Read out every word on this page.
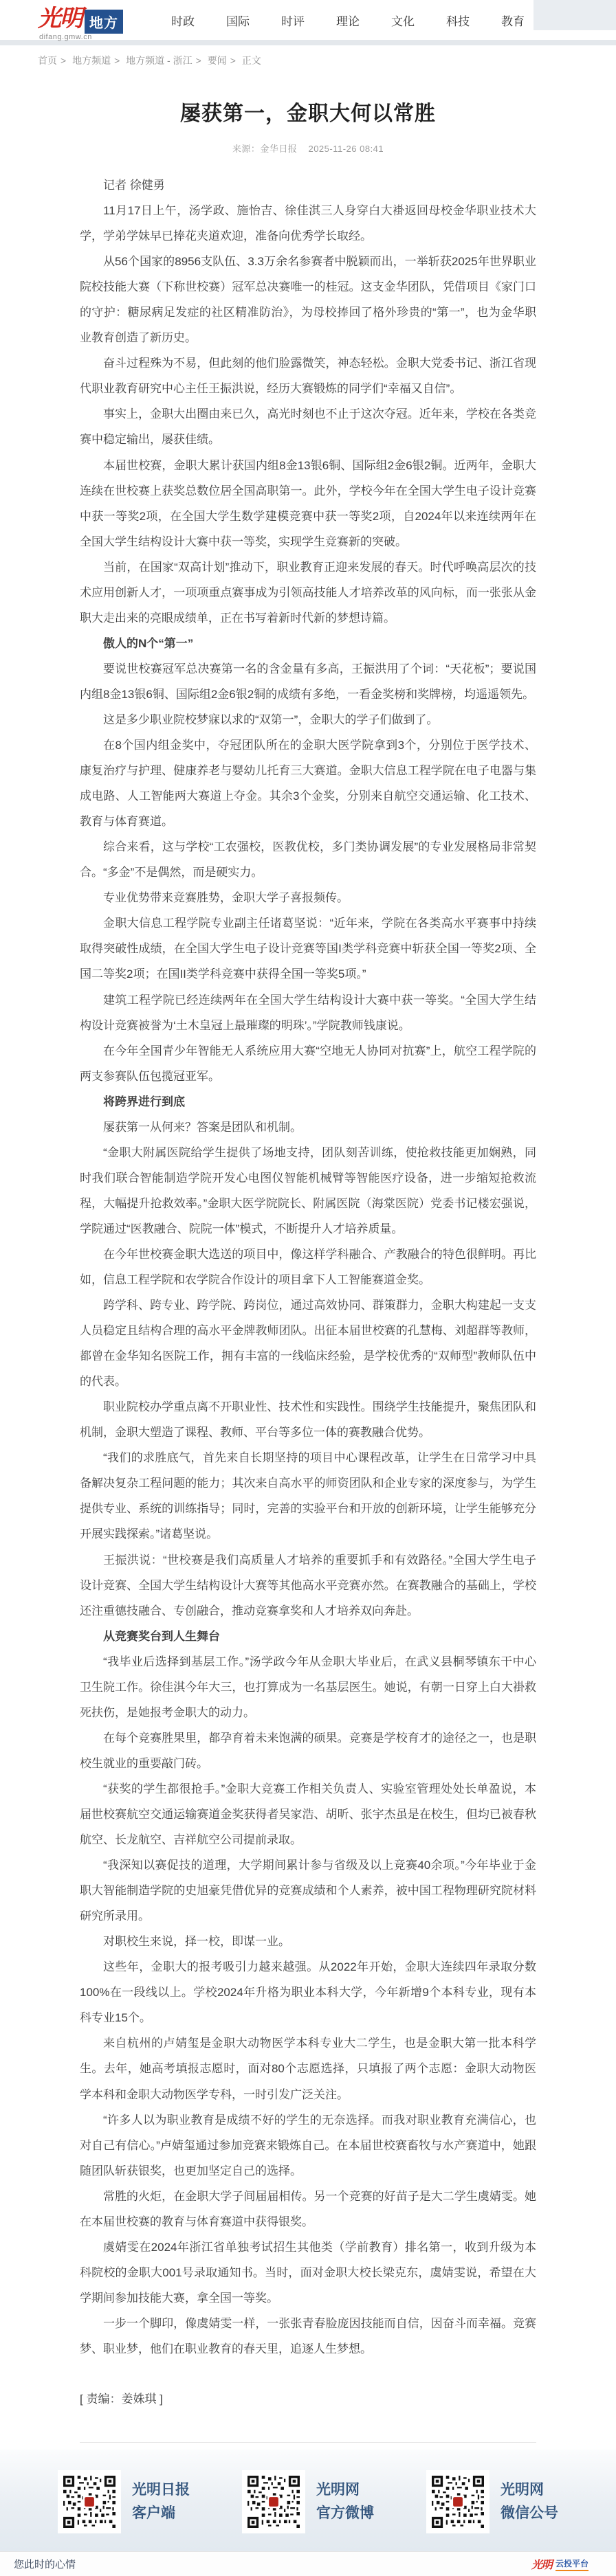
光明 地方
difang.gmw.cn
时政	国际	时评	理论	文化	科技	教育
首页 > 地方频道 > 地方频道 - 浙江 > 要闻 > 正文
屡获第一，金职大何以常胜
来源：金华日报 2025-11-26 08:41

记者 徐健勇

11月17日上午，汤学政、施怡吉、徐佳淇三人身穿白大褂返回母校金华职业技术大学，学弟学妹早已捧花夹道欢迎，准备向优秀学长取经。

从56个国家的8956支队伍、3.3万余名参赛者中脱颖而出，一举斩获2025年世界职业院校技能大赛（下称世校赛）冠军总决赛唯一的桂冠。这支金华团队，凭借项目《家门口的守护：糖尿病足发症的社区精准防治》，为母校捧回了格外珍贵的“第一”，也为金华职业教育创造了新历史。

奋斗过程殊为不易，但此刻的他们脸露微笑，神态轻松。金职大党委书记、浙江省现代职业教育研究中心主任王振洪说，经历大赛锻炼的同学们“幸福又自信”。

事实上，金职大出圈由来已久，高光时刻也不止于这次夺冠。近年来，学校在各类竞赛中稳定输出，屡获佳绩。

本届世校赛，金职大累计获国内组8金13银6铜、国际组2金6银2铜。近两年，金职大连续在世校赛上获奖总数位居全国高职第一。此外，学校今年在全国大学生电子设计竞赛中获一等奖2项，在全国大学生数学建模竞赛中获一等奖2项，自2024年以来连续两年在全国大学生结构设计大赛中获一等奖，实现学生竞赛新的突破。

当前，在国家“双高计划”推动下，职业教育正迎来发展的春天。时代呼唤高层次的技术应用创新人才，一项项重点赛事成为引领高技能人才培养改革的风向标，而一张张从金职大走出来的亮眼成绩单，正在书写着新时代新的梦想诗篇。

傲人的N个“第一”

要说世校赛冠军总决赛第一名的含金量有多高，王振洪用了个词：“天花板”；要说国内组8金13银6铜、国际组2金6银2铜的成绩有多绝，一看金奖榜和奖牌榜，均遥遥领先。

这是多少职业院校梦寐以求的“双第一”，金职大的学子们做到了。

在8个国内组金奖中，夺冠团队所在的金职大医学院拿到3个，分别位于医学技术、康复治疗与护理、健康养老与婴幼儿托育三大赛道。金职大信息工程学院在电子电器与集成电路、人工智能两大赛道上夺金。其余3个金奖，分别来自航空交通运输、化工技术、教育与体育赛道。

综合来看，这与学校“工农强校，医教优校，多门类协调发展”的专业发展格局非常契合。“多金”不是偶然，而是硬实力。

专业优势带来竞赛胜势，金职大学子喜报频传。

金职大信息工程学院专业副主任诸葛坚说：“近年来，学院在各类高水平赛事中持续取得突破性成绩，在全国大学生电子设计竞赛等国I类学科竞赛中斩获全国一等奖2项、全国二等奖2项；在国II类学科竞赛中获得全国一等奖5项。”

建筑工程学院已经连续两年在全国大学生结构设计大赛中获一等奖。“全国大学生结构设计竞赛被誉为‘土木皇冠上最璀璨的明珠’。”学院教师钱康说。

在今年全国青少年智能无人系统应用大赛“空地无人协同对抗赛”上，航空工程学院的两支参赛队伍包揽冠亚军。

将跨界进行到底

屡获第一从何来？答案是团队和机制。

“金职大附属医院给学生提供了场地支持，团队刻苦训练，使抢救技能更加娴熟，同时我们联合智能制造学院开发心电图仪智能机械臂等智能医疗设备，进一步缩短抢救流程，大幅提升抢救效率。”金职大医学院院长、附属医院（海棠医院）党委书记楼宏强说，学院通过“医教融合、院院一体”模式，不断提升人才培养质量。

在今年世校赛金职大选送的项目中，像这样学科融合、产教融合的特色很鲜明。再比如，信息工程学院和农学院合作设计的项目拿下人工智能赛道金奖。

跨学科、跨专业、跨学院、跨岗位，通过高效协同、群策群力，金职大构建起一支支人员稳定且结构合理的高水平金牌教师团队。出征本届世校赛的孔慧梅、刘超群等教师，都曾在金华知名医院工作，拥有丰富的一线临床经验，是学校优秀的“双师型”教师队伍中的代表。

职业院校办学重点离不开职业性、技术性和实践性。围绕学生技能提升，聚焦团队和机制，金职大塑造了课程、教师、平台等多位一体的赛教融合优势。

“我们的求胜底气，首先来自长期坚持的项目中心课程改革，让学生在日常学习中具备解决复杂工程问题的能力；其次来自高水平的师资团队和企业专家的深度参与，为学生提供专业、系统的训练指导；同时，完善的实验平台和开放的创新环境，让学生能够充分开展实践探索。”诸葛坚说。

王振洪说：“世校赛是我们高质量人才培养的重要抓手和有效路径。”全国大学生电子设计竞赛、全国大学生结构设计大赛等其他高水平竞赛亦然。在赛教融合的基础上，学校还注重德技融合、专创融合，推动竞赛拿奖和人才培养双向奔赴。

从竞赛奖台到人生舞台

“我毕业后选择到基层工作。”汤学政今年从金职大毕业后，在武义县桐琴镇东干中心卫生院工作。徐佳淇今年大三，也打算成为一名基层医生。她说，有朝一日穿上白大褂救死扶伤，是她报考金职大的动力。

在每个竞赛胜果里，都孕育着未来饱满的硕果。竞赛是学校育才的途径之一，也是职校生就业的重要敲门砖。

“获奖的学生都很抢手。”金职大竞赛工作相关负责人、实验室管理处处长单盈说，本届世校赛航空交通运输赛道金奖获得者吴家浩、胡昕、张宇杰虽是在校生，但均已被春秋航空、长龙航空、吉祥航空公司提前录取。

“我深知以赛促技的道理，大学期间累计参与省级及以上竞赛40余项。”今年毕业于金职大智能制造学院的史旭豪凭借优异的竞赛成绩和个人素养，被中国工程物理研究院材料研究所录用。

对职校生来说，择一校，即谋一业。

这些年，金职大的报考吸引力越来越强。从2022年开始，金职大连续四年录取分数100%在一段线以上。学校2024年升格为职业本科大学，今年新增9个本科专业，现有本科专业15个。

来自杭州的卢婧玺是金职大动物医学本科专业大二学生，也是金职大第一批本科学生。去年，她高考填报志愿时，面对80个志愿选择，只填报了两个志愿：金职大动物医学本科和金职大动物医学专科，一时引发广泛关注。

“许多人以为职业教育是成绩不好的学生的无奈选择。而我对职业教育充满信心，也对自己有信心。”卢婧玺通过参加竞赛来锻炼自己。在本届世校赛畜牧与水产赛道中，她跟随团队斩获银奖，也更加坚定自己的选择。

常胜的火炬，在金职大学子间届届相传。另一个竞赛的好苗子是大二学生虞婧雯。她在本届世校赛的教育与体育赛道中获得银奖。

虞婧雯在2024年浙江省单独考试招生其他类（学前教育）排名第一，收到升级为本科院校的金职大001号录取通知书。当时，面对金职大校长梁克东，虞婧雯说，希望在大学期间参加技能大赛，拿全国一等奖。

一步一个脚印，像虞婧雯一样，一张张青春脸庞因技能而自信，因奋斗而幸福。竞赛梦、职业梦，他们在职业教育的春天里，追逐人生梦想。

[ 责编：姜姝琪 ]

光明日报
客户端
光明网
官方微博
光明网
微信公号
您此时的心情	光明 云投平台
